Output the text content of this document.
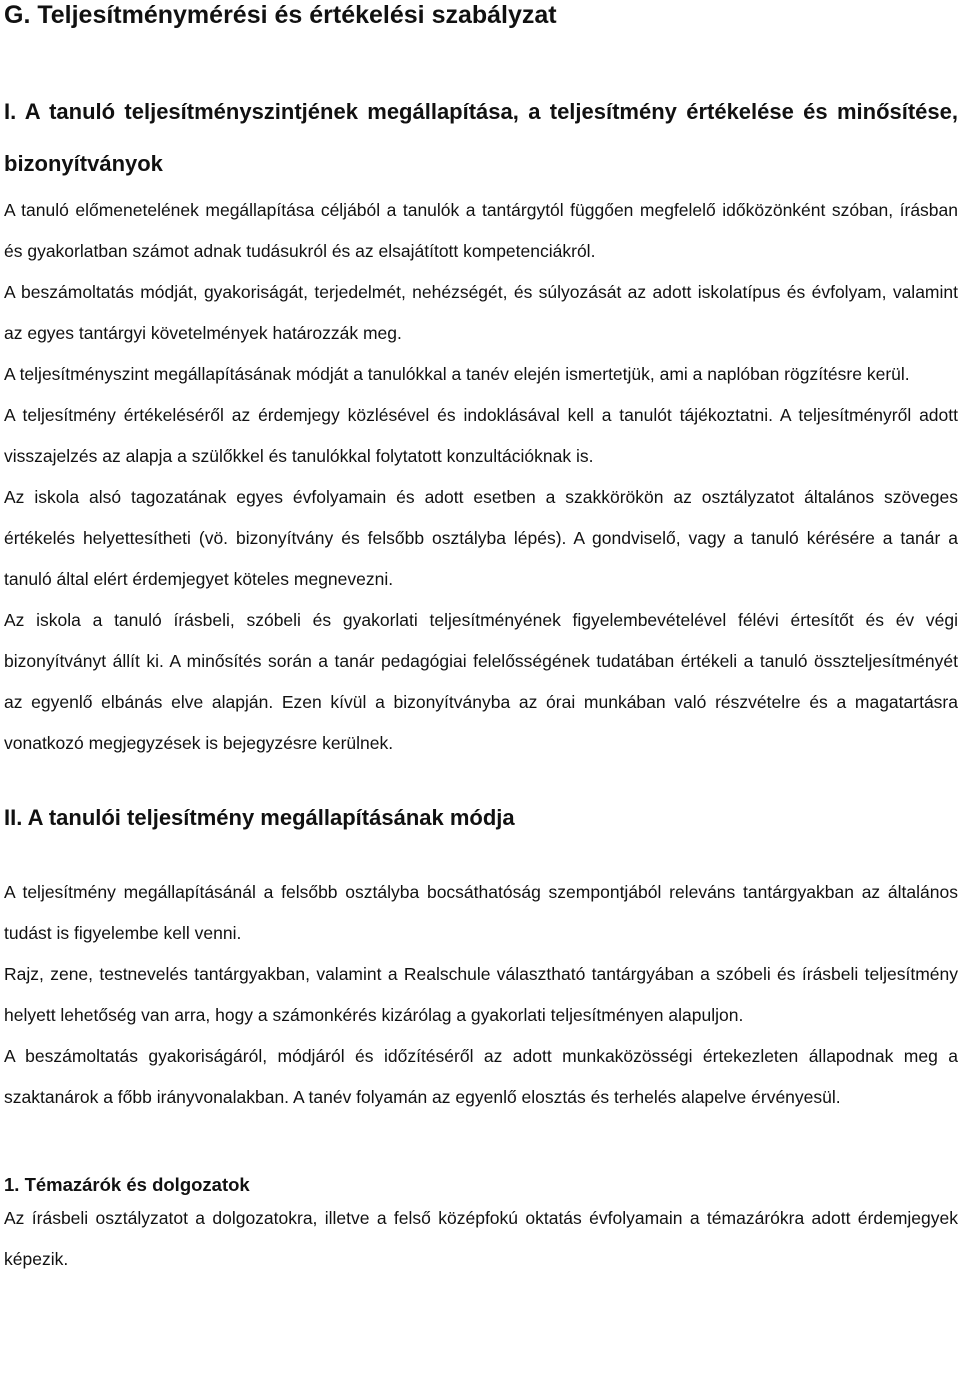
G. Teljesítménymérési és értékelési szabályzat
I. A tanuló teljesítményszintjének megállapítása, a teljesítmény értékelése és minősítése, bizonyítványok

A tanuló előmenetelének megállapítása céljából a tanulók a tantárgytól függően megfelelő időközönként szóban, írásban és gyakorlatban számot adnak tudásukról és az elsajátított kompetenciákról.

A beszámoltatás módját, gyakoriságát, terjedelmét, nehézségét, és súlyozását az adott iskolatípus és évfolyam, valamint az egyes tantárgyi követelmények határozzák meg.

A teljesítményszint megállapításának módját a tanulókkal a tanév elején ismertetjük, ami a naplóban rögzítésre kerül.

A teljesítmény értékeléséről az érdemjegy közlésével és indoklásával kell a tanulót tájékoztatni. A teljesítményről adott visszajelzés az alapja a szülőkkel és tanulókkal folytatott konzultációknak is.

Az iskola alsó tagozatának egyes évfolyamain és adott esetben a szakkörökön az osztályzatot általános szöveges értékelés helyettesítheti (vö. bizonyítvány és felsőbb osztályba lépés). A gondviselő, vagy a tanuló kérésére a tanár a tanuló által elért érdemjegyet köteles megnevezni.

Az iskola a tanuló írásbeli, szóbeli és gyakorlati teljesítményének figyelembevételével félévi értesítőt és év végi bizonyítványt állít ki. A minősítés során a tanár pedagógiai felelősségének tudatában értékeli a tanuló összteljesítményét az egyenlő elbánás elve alapján. Ezen kívül a bizonyítványba az órai munkában való részvételre és a magatartásra vonatkozó megjegyzések is bejegyzésre kerülnek.

II. A tanulói teljesítmény megállapításának módja

A teljesítmény megállapításánál a felsőbb osztályba bocsáthatóság szempontjából releváns tantárgyakban az általános tudást is figyelembe kell venni.

Rajz, zene, testnevelés tantárgyakban, valamint a Realschule választható tantárgyában a szóbeli és írásbeli teljesítmény helyett lehetőség van arra, hogy a számonkérés kizárólag a gyakorlati teljesítményen alapuljon.

A beszámoltatás gyakoriságáról, módjáról és időzítéséről az adott munkaközösségi értekezleten állapodnak meg a szaktanárok a főbb irányvonalakban. A tanév folyamán az egyenlő elosztás és terhelés alapelve érvényesül.

1. Témazárók és dolgozatok

Az írásbeli osztályzatot a dolgozatokra, illetve a felső középfokú oktatás évfolyamain a témazárókra adott érdemjegyek képezik.
